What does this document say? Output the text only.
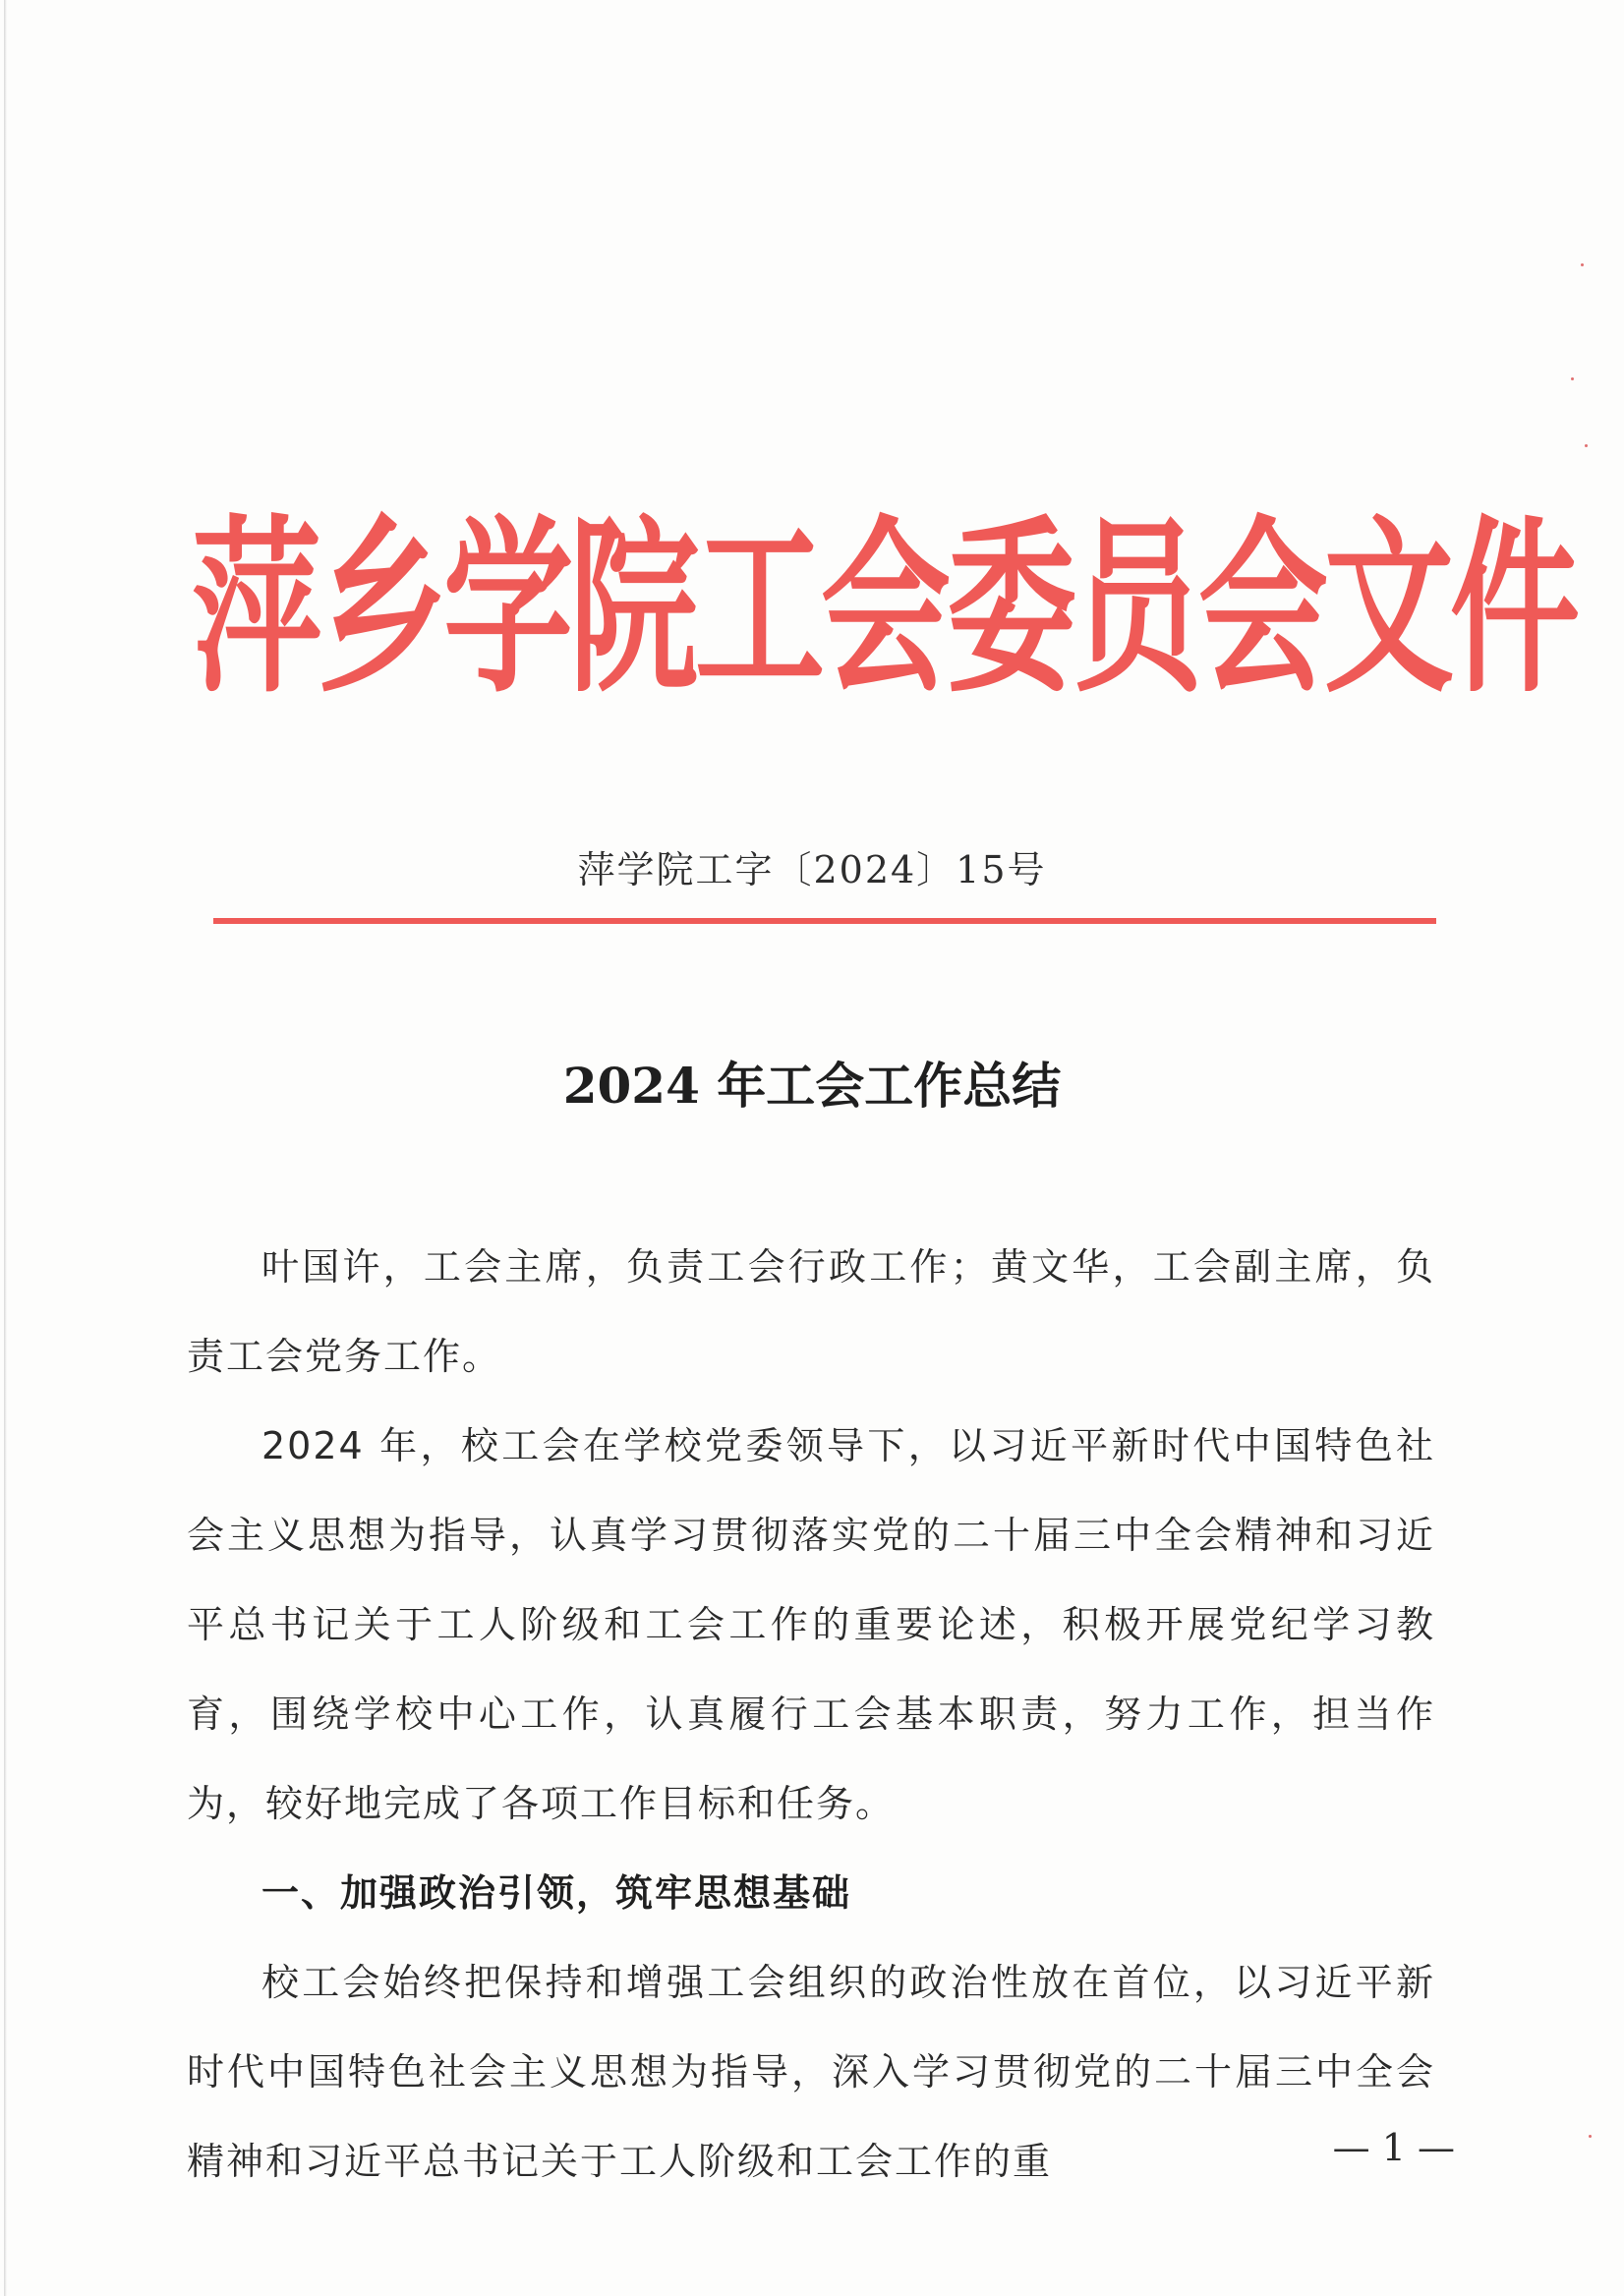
萍乡学院工会委员会文件
萍学院工字〔2024〕15号
2024 年工会工作总结

叶国许，工会主席，负责工会行政工作；黄文华，工会副主席，负责工会党务工作。

2024 年，校工会在学校党委领导下，以习近平新时代中国特色社会主义思想为指导，认真学习贯彻落实党的二十届三中全会精神和习近平总书记关于工人阶级和工会工作的重要论述，积极开展党纪学习教育，围绕学校中心工作，认真履行工会基本职责，努力工作，担当作为，较好地完成了各项工作目标和任务。

一、加强政治引领，筑牢思想基础

校工会始终把保持和增强工会组织的政治性放在首位，以习近平新时代中国特色社会主义思想为指导，深入学习贯彻党的二十届三中全会精神和习近平总书记关于工人阶级和工会工作的重	— 1 —
